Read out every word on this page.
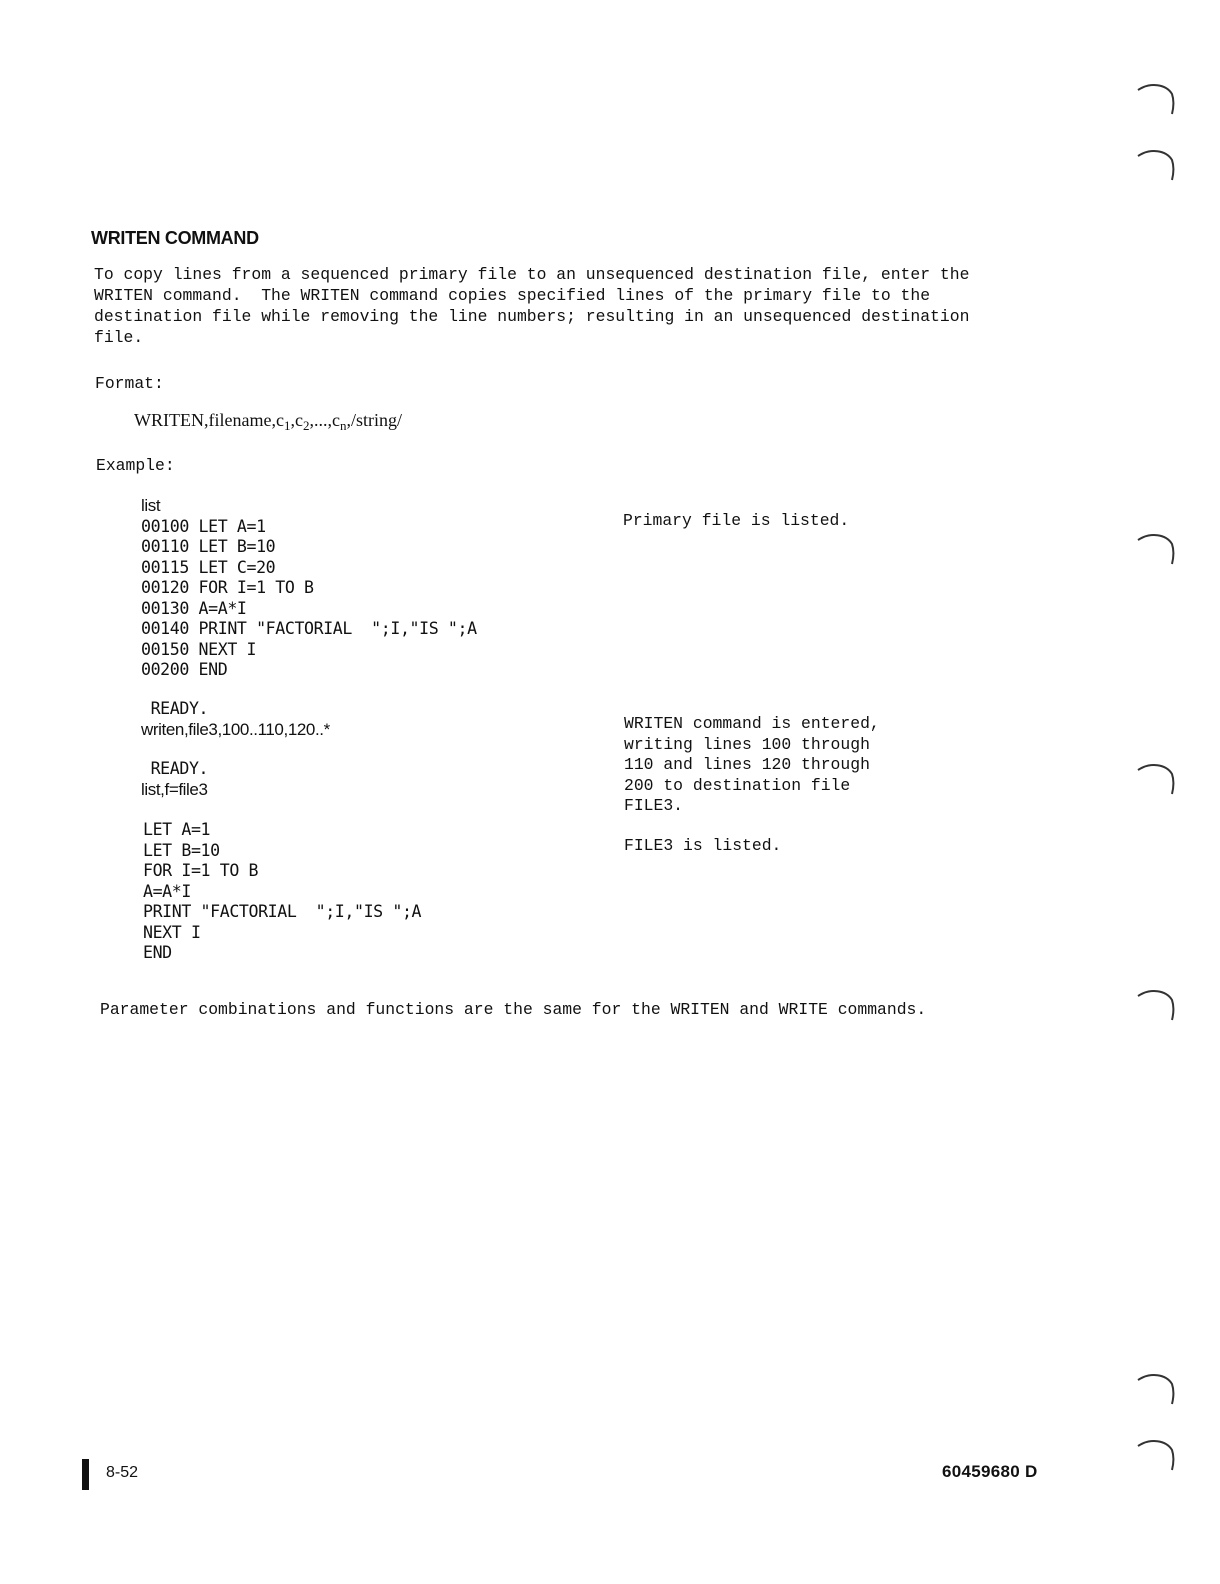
WRITEN COMMAND
To copy lines from a sequenced primary file to an unsequenced destination file, enter the
WRITEN command.  The WRITEN command copies specified lines of the primary file to the
destination file while removing the line numbers; resulting in an unsequenced destination
file.
Format:
$WRITEN,filename,c_1,c_2,...,c_n,/string/$
Example:
list
00100 LET A=1
00110 LET B=10
00115 LET C=20
00120 FOR I=1 TO B
00130 A=A*I
00140 PRINT "FACTORIAL  ";I,"IS ";A
00150 NEXT I
00200 END
Primary file is listed.
READY.
writen,file3,100..110,120..*	WRITEN command is entered,
writing lines 100 through
110 and lines 120 through
200 to destination file
FILE3.
READY.
list,f=file3
FILE3 is listed.
LET A=1
LET B=10
FOR I=1 TO B
A=A*I
PRINT "FACTORIAL  ";I,"IS ";A
NEXT I
END
Parameter combinations and functions are the same for the WRITEN and WRITE commands.
8-52	60459680 D
